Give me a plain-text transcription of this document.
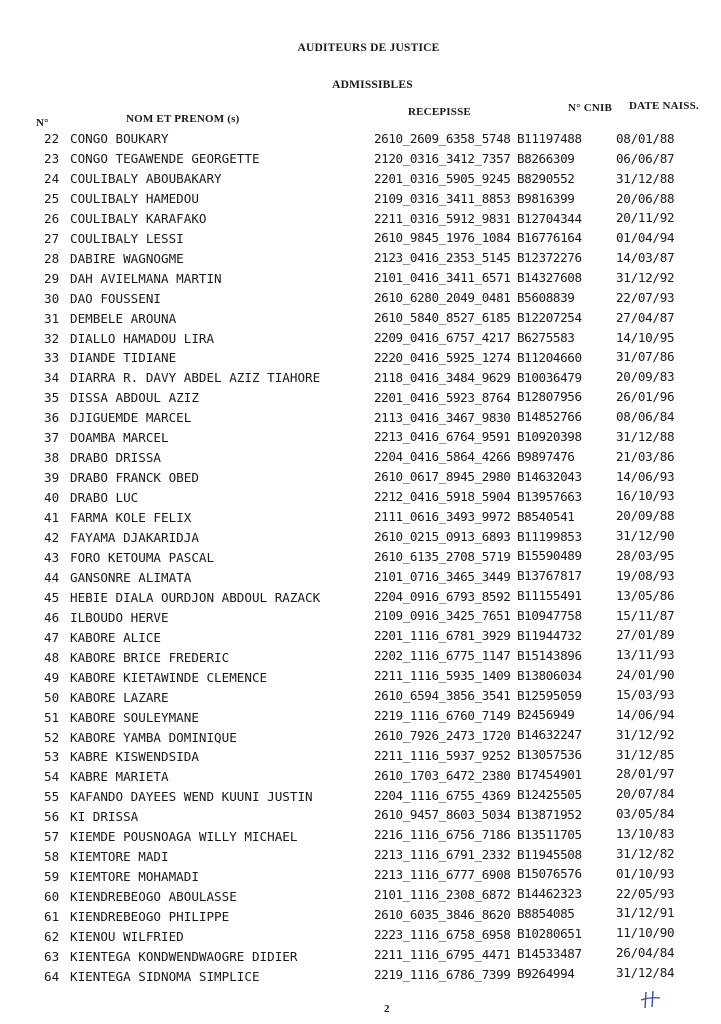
AUDITEURS DE JUSTICE
ADMISSIBLES
N°	NOM ET PRENOM (s)
RECEPISSE	N° CNIB DATE NAISS.
22 CONGO BOUKARY	2610_2609_6358_5748 B11197488	08/01/88
23 CONGO TEGAWENDE GEORGETTE	2120_0316_3412_7357 B8266309	06/06/87
24 COULIBALY ABOUBAKARY	2201_0316_5905_9245 B8290552	31/12/88
25 COULIBALY HAMEDOU	2109_0316_3411_8853 B9816399	20/06/88
26 COULIBALY KARAFAKO	2211_0316_5912_9831 B12704344	20/11/92
27 COULIBALY LESSI	2610_9845_1976_1084 B16776164	01/04/94
28 DABIRE WAGNOGME	2123_0416_2353_5145 B12372276	14/03/87
29 DAH AVIELMANA MARTIN	2101_0416_3411_6571 B14327608	31/12/92
30 DAO FOUSSENI	2610_6280_2049_0481 B5608839	22/07/93
31 DEMBELE AROUNA	2610_5840_8527_6185 B12207254	27/04/87
32 DIALLO HAMADOU LIRA	2209_0416_6757_4217 B6275583	14/10/95
33 DIANDE TIDIANE	2220_0416_5925_1274 B11204660	31/07/86
34 DIARRA R. DAVY ABDEL AZIZ TIAHORE	2118_0416_3484_9629 B10036479	20/09/83
35 DISSA ABDOUL AZIZ	2201_0416_5923_8764 B12807956	26/01/96
36 DJIGUEMDE MARCEL	2113_0416_3467_9830 B14852766	08/06/84
37 DOAMBA MARCEL	2213_0416_6764_9591 B10920398	31/12/88
38 DRABO DRISSA	2204_0416_5864_4266 B9897476	21/03/86
39 DRABO FRANCK OBED	2610_0617_8945_2980 B14632043	14/06/93
40 DRABO LUC	2212_0416_5918_5904 B13957663	16/10/93
41 FARMA KOLE FELIX	2111_0616_3493_9972 B8540541	20/09/88
42 FAYAMA DJAKARIDJA	2610_0215_0913_6893 B11199853	31/12/90
43 FORO KETOUMA PASCAL	2610_6135_2708_5719 B15590489	28/03/95
44 GANSONRE ALIMATA	2101_0716_3465_3449 B13767817	19/08/93
45 HEBIE DIALA OURDJON ABDOUL RAZACK	2204_0916_6793_8592 B11155491	13/05/86
46 ILBOUDO HERVE	2109_0916_3425_7651 B10947758	15/11/87
47 KABORE ALICE	2201_1116_6781_3929 B11944732	27/01/89
48 KABORE BRICE FREDERIC	2202_1116_6775_1147 B15143896	13/11/93
49 KABORE KIETAWINDE CLEMENCE	2211_1116_5935_1409 B13806034	24/01/90
50 KABORE LAZARE	2610_6594_3856_3541 B12595059	15/03/93
51 KABORE SOULEYMANE	2219_1116_6760_7149 B2456949	14/06/94
52 KABORE YAMBA DOMINIQUE	2610_7926_2473_1720 B14632247	31/12/92
53 KABRE KISWENDSIDA	2211_1116_5937_9252 B13057536	31/12/85
54 KABRE MARIETA	2610_1703_6472_2380 B17454901	28/01/97
55 KAFANDO DAYEES WEND KUUNI JUSTIN	2204_1116_6755_4369 B12425505	20/07/84
56 KI DRISSA	2610_9457_8603_5034 B13871952	03/05/84
57 KIEMDE POUSNOAGA WILLY MICHAEL	2216_1116_6756_7186 B13511705	13/10/83
58 KIEMTORE MADI	2213_1116_6791_2332 B11945508	31/12/82
59 KIEMTORE MOHAMADI	2213_1116_6777_6908 B15076576	01/10/93
60 KIENDREBEOGO ABOULASSE	2101_1116_2308_6872 B14462323	22/05/93
61 KIENDREBEOGO PHILIPPE	2610_6035_3846_8620 B8854085	31/12/91
62 KIENOU WILFRIED	2223_1116_6758_6958 B10280651	11/10/90
63 KIENTEGA KONDWENDWAOGRE DIDIER	2211_1116_6795_4471 B14533487	26/04/84
64 KIENTEGA SIDNOMA SIMPLICE	2219_1116_6786_7399 B9264994	31/12/84
2
